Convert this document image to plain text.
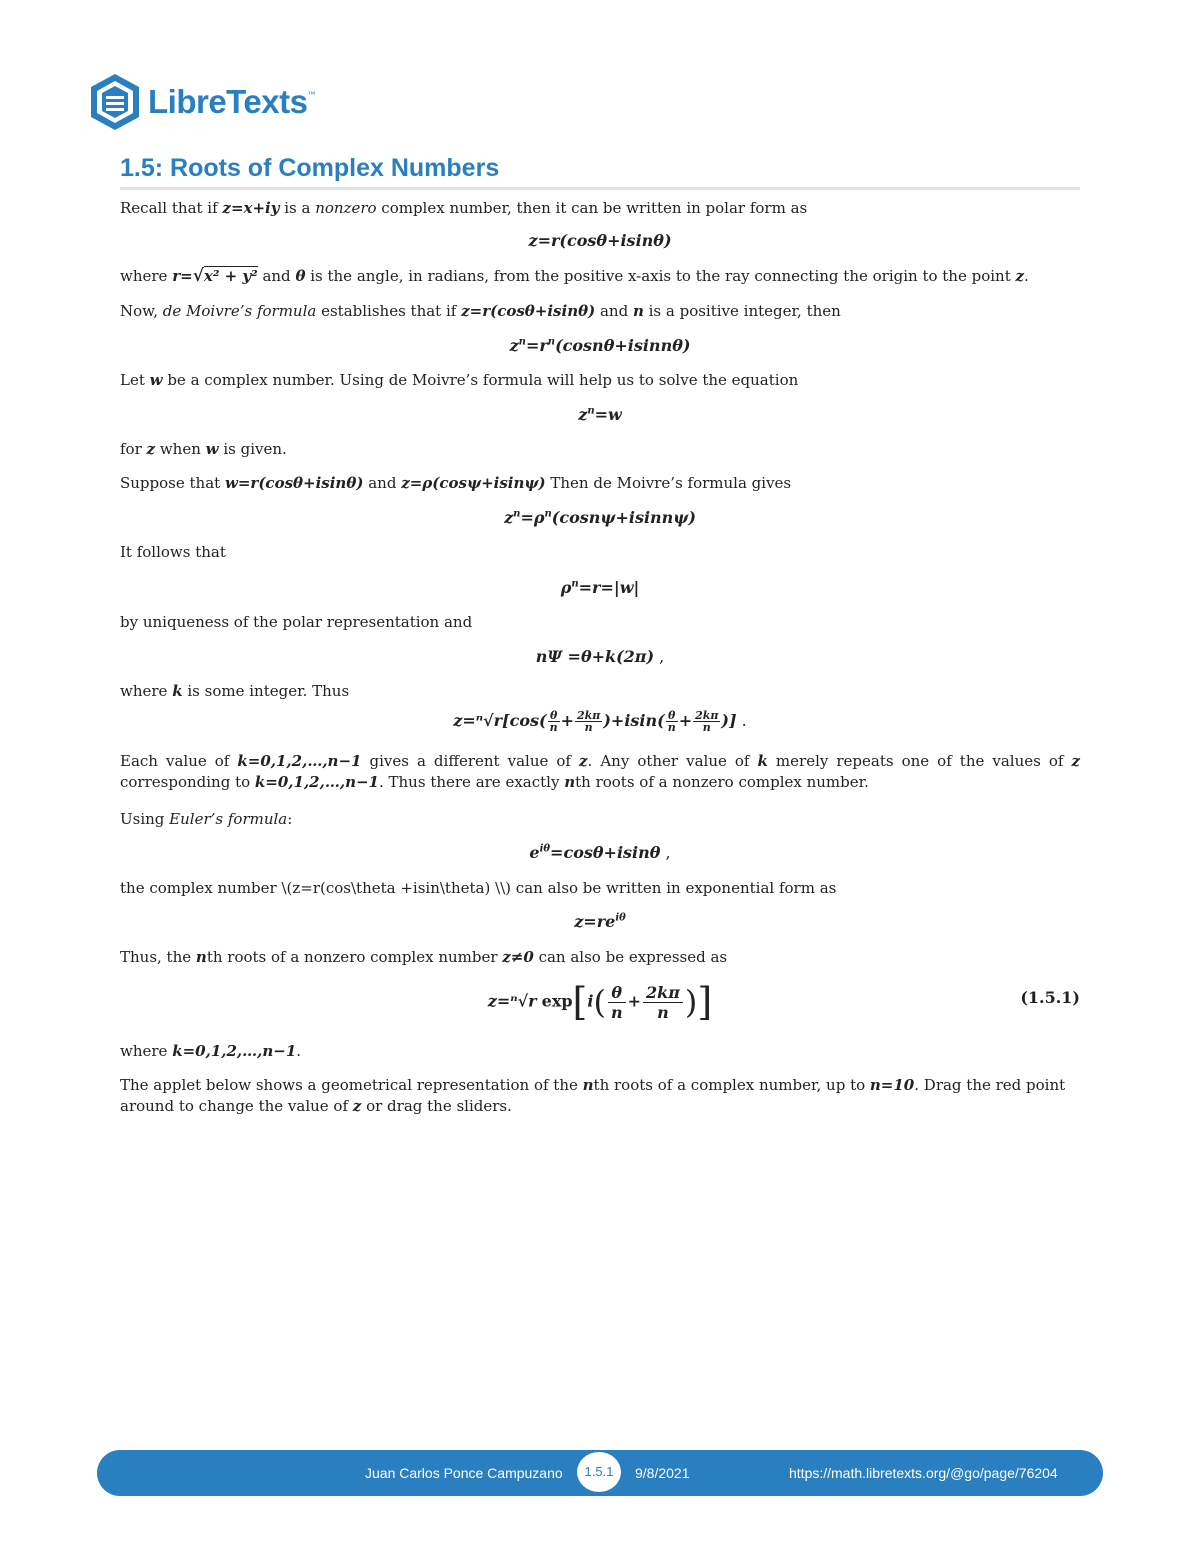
LibreTexts ™
1.5: Roots of Complex Numbers
Recall that if z=x+iy is a nonzero complex number, then it can be written in polar form as
z=r(cosθ+isinθ)
where r=√x² + y² and θ is the angle, in radians, from the positive x-axis to the ray connecting the origin to the point z.
Now, de Moivre’s formula establishes that if z=r(cosθ+isinθ) and n is a positive integer, then
$z^n=r^n(\cos n\theta+isinn\theta)$
Let w be a complex number. Using de Moivre’s formula will help us to solve the equation
$z^n=w$
for z when w is given.
Suppose that w=r(cosθ+isinθ) and z=ρ(cosψ+isinψ) Then de Moivre’s formula gives
$z^n=\rho^n(\cos n\psi+isinn\psi)$
It follows that
$\rho^n=r=|w|$
by uniqueness of the polar representation and
nΨ =θ+k(2π) ,
where k is some integer. Thus
$z=^n√r[\cos( \frac{\theta}{n} + \frac{2k\pi}{n} )+isin( \frac{\theta}{n} + \frac{2k\pi}{n}$ )] .
Each value of k=0,1,2,…,n−1 gives a different value of z. Any other value of k merely repeats one of the values of z corresponding to k=0,1,2,…,n−1. Thus there are exactly nth roots of a nonzero complex number.
Using Euler’s formula:
$e^{i\theta}=\cos\theta+isin\theta$ ,
the complex number \(z=r(cos\theta +isin\theta) \\) can also be written in exponential form as
$z=re^{i\theta}$
Thus, the nth roots of a nonzero complex number z≠0 can also be expressed as
z=ⁿ√r $\exp[i( \frac{\theta}{n} + \frac{2k\pi}{n}$ )]	(1.5.1)
where k=0,1,2,…,n−1.
The applet below shows a geometrical representation of the nth roots of a complex number, up to n=10. Drag the red point
around to change the value of z or drag the sliders.
Juan Carlos Ponce Campuzano	1.5.1	9/8/2021	https://math.libretexts.org/@go/page/76204
